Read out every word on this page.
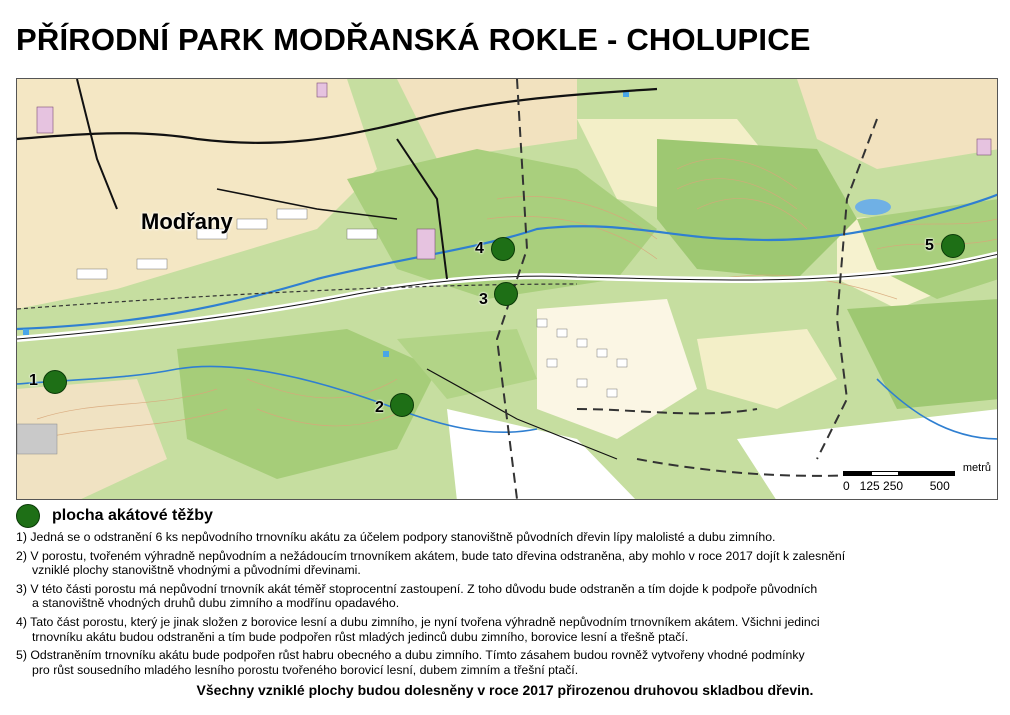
PŘÍRODNÍ PARK MODŘANSKÁ ROKLE - CHOLUPICE
Modřany
4
3
5
1
2
metrů
0   125 250        500
plocha akátové těžby
1) Jedná se o odstranění 6 ks nepůvodního trnovníku akátu za účelem podpory stanovištně původních dřevin lípy malolisté a dubu zimního.
2) V porostu, tvořeném výhradně nepůvodním a nežádoucím trnovníkem akátem, bude tato dřevina odstraněna, aby mohlo v roce 2017 dojít k zalesnění
vzniklé plochy stanovištně vhodnými a původními dřevinami.
3) V této části porostu má nepůvodní trnovník akát téměř stoprocentní zastoupení. Z toho důvodu bude odstraněn a tím dojde k podpoře původních
a stanovištně vhodných druhů dubu zimního a modřínu opadavého.
4) Tato část porostu, který je jinak složen z borovice lesní a dubu zimního, je nyní tvořena výhradně nepůvodním trnovníkem akátem. Všichni jedinci
trnovníku akátu budou odstraněni a tím bude podpořen růst mladých jedinců dubu zimního, borovice lesní a třešně ptačí.
5) Odstraněním trnovníku akátu bude podpořen růst habru obecného a dubu zimního. Tímto zásahem budou rovněž vytvořeny vhodné podmínky
pro růst sousedního mladého lesního porostu tvořeného borovicí lesní, dubem zimním a třešní ptačí.
Všechny vzniklé plochy budou dolesněny v roce 2017 přirozenou druhovou skladbou dřevin.
